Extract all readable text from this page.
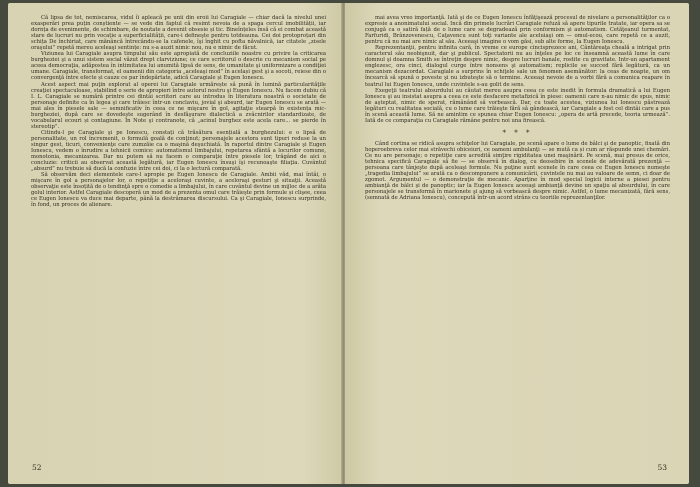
Că lipsa de tot, nemiscarea, vidul îi apleacă pe unii din eroii lui Caragiale — chiar dacă la nivelul unei exasperări prea puțin conștiente — se vede din faptul că resimt nevoia de a spaga cercul imobilității, iar dornța de evenimente, de schimbare, de noutate a devenit obsesie și tic. Bineînțeles însă că ei combat această stare de lucruri nu prin vocație a superficialității, care-i defineşte pentru totdeauna. Cei doi protoproțari din schița De închiriat, care mănâncă întrecându-se la cafenele, îşi înghit cu pofta năvalnică, iar citatele „zisele oraşului” repetă mereu aceleaşi sentințe: nu s-a auzit nimic nou, nu e nimic de făcut.

Viziunea lui Caragiale asupra timpului său este apropiată de concluziile noastre cu privire la criticarea burgheziei şi a unui sistem social văzut drept clarviziune; ce care scriitorul o descrie cu mecanism social pe aceea democraţia, adăpostea în intimitatea lui anumită lipsă de sens, de umanitate şi uniformizare a condiţiei umane. Caragiale, transformat, el oamenii din categoria „aceleaşi mod” în același gest şi a socoti, reiese din o convergenţă între efecte și cauze ce par îndepărtate, adică Caragiale și Eugen Ionescu.

Acest aspect mai puţin explorat al operei lui Caragiale urmărește să pună în lumină particularităţile creaţiei spectaculoase, stabilind o serie de apropieri între autorul nostru şi Eugen Ionescu. Nu facem dubiu că I. L. Caragiale se numără printre cei dintâi scriitori care au introdus în literatura noastră o societate de personaje definite ca în legea şi care trăiesc într-un conclaviu, jovial şi absurd, iar Eugen Ionescu se arată — mai ales în piesele sale — semnificativ în ceea ce ne mişcare în gol, agitaţie stearpă în existența mic-burgheziei, după care se dovedește sugerând în desfăşurare dialectică a zvâcnirilor standardizate, de vocabularul ecouri și contagiune. În Note şi contranote, că „acinul burghez este acela care... se pierde în stereotip”.

Citindu-l pe Caragiale şi pe Ionescu, constați că trăsătura esențială a burghezului: e o lipsă de personalitate, un rol încremenit, o formulă goală de conţinut; personajele acestora sunt tipuri reduse la un singur gest, ticuri, convenienţe care zumzăie ca o maşină deşuchiată. În raportul dintre Caragiale şi Eugen Ionescu, vedem o înrudire a tehnicii comice: automatismul limbajului, repetarea sfântă a locurilor comune, monotonia, mecanizarea. Dar nu putem să nu facem o comparaţie între piesele lor, trăgând de aici o concluzie: criticii au observat această legătură, iar Eugen Ionescu însuşi îşi recunoaşte filiaţia. Cuvântul „absurd” nu trebuie să ducă la confuzie între cei doi, ci la o lectură comparată.

Să observăm deci elementele care-l apropie pe Eugen Ionescu de Caragiale. Ambii văd, mai întâi, o mişcare în gol a personajelor lor, o repetiţie a aceloraşi cuvinte, a aceloraşi gesturi şi situaţii. Această observaţie este însoțită de o tendinţă spre o comedie a limbajului, în care cuvântul devine un mijloc de a arăta golul interior. Astfel Caragiale descoperă un mod de a prezenta omul care trăieşte prin formule și clişee, ceea ce Eugen Ionescu va duce mai departe, până la destrămarea discursului. Ca şi Caragiale, Ionescu surprinde, în fond, un proces de alienare.

52

mai avea vreo importanţă. Iată şi de ce Eugen Ionescu înfăţişează procesul de nivelare a personalităţilor ca o expresie a anonimatului social. Incă din primele lucrări Caragiale refuză să apere tipurile tratate, iar opera sa se conjugă ca o satiră față de o lume care se degradează prin conformism şi automatism. Cetăţeanul turmentat, Farfuridi, Brânzovenescu, Caţavencu sunt toţi variante ale aceluiaşi om — omul-ecou, care repetă ce a auzit, pentru că nu mai are nimic al său. Aceeaşi imagine o vom găsi, sub alte forme, la Eugen Ionescu.

Reprezentanţii, pentru infinita cară, în vreme ce europe cincisprezece ani, Cântăreaţa cheală a intrigat prin caracterul său neobişnuit, dar şi publicul. Spectatorii nu au înţeles pe loc ce înseamnă această lume în care domnul şi doamna Smith se întreţin despre nimic, despre lucruri banale, rostite cu gravitate. Intr-un apartament englezesc, ora cinci, dialogul curge între nonsens şi automatism; replicile se succed fără legătură, ca un mecanism dezacordat. Caragiale a surprins în schiţele sale un fenomen asemănător: la ceas de noapte, un om încearcă să spună o poveste şi nu izbuteşte să o termine. Aceeaşi nevoie de a vorbi fără a comunica reapare în teatrul lui Eugen Ionescu, unde cuvintele s-au golit de sens.

Exegeţii teatrului absurdului au căutat mereu asupra ceea ce este inedit în formula dramatică a lui Eugen Ionescu şi au insistat asupra a ceea ce este desfacere metafizică în piese: oamenii care n-au nimic de spus, nimic de aşteptat, nimic de sperat, rămânând să vorbească. Dar, cu toate acestea, viziunea lui Ionescu păstrează legături cu realitatea socială, cu o lume care trăieşte fără să gândească, iar Caragiale a fost cel dintâi care a pus în scenă această lume. Să ne amintim ce spunea chiar Eugen Ionescu: „opera de artă precede, teoria urmează”. Iată de ce comparaţia cu Caragiale rămâne pentru noi una firească.

* * *

Când cortina se ridică asupra schiţelor lui Caragiale, pe scenă apare o lume de bâlci şi de panoptic, fixată din hoperoebreva celor mai străvechi obiceiuri, ce oameni ambulanţi — se mută ca și cum ar răspunde unei chemări. Ce nu are personaje; o repetiţie care acredită simţire rigiditatea unei maşinării. Pe scenă, mai presus de orice, tehnica specifică Caragiale să fie — se observă în dialog, cu deosebire în scenele de adevărată prezenţă — persoana care tânjeşte după aceleaşi formule. Nu puţine sunt scenele în care ceea ce Eugen Ionescu numeşte „tragedia limbajului” se arată ca o descompunere a comunicării, cuvintele nu mai au valoare de semn, ci doar de zgomot. Argumentul — o demonstraţie de mecanic. Aparţine în mod special logicii interne a piesei pentru ambianţă de bâlci şi de panoptic; iar la Eugen Ionescu aceeaşi ambianţă devine un spaţiu al absurdului, în care personajele se transformă în marionete şi ajung să vorbească despre nimic. Astfel, o lume mecanizată, fără sens, (semnată de Adriana Ionescu), concepută într-un acord strâns cu teoriile reprezentanţilor.

53
